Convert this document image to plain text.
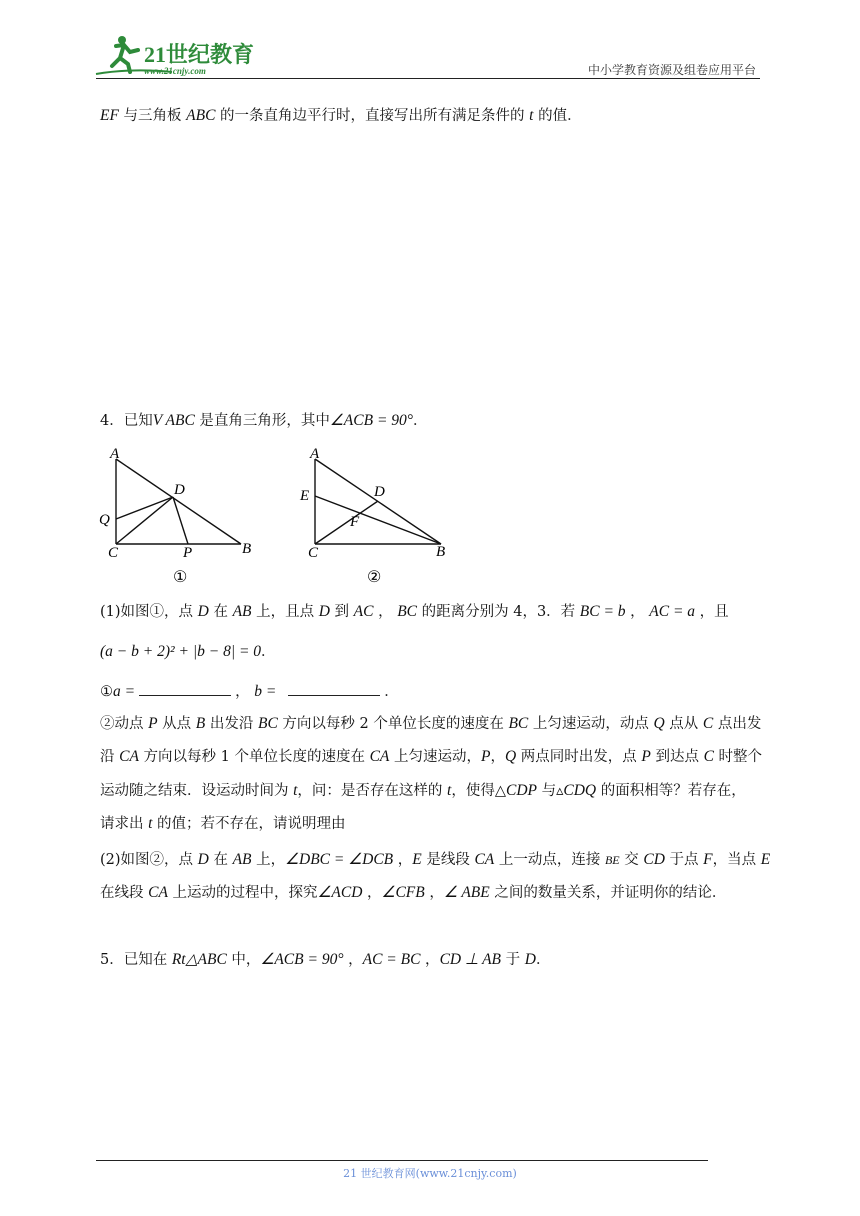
21世纪教育
www.21cnjy.com	中小学教育资源及组卷应用平台
EF 与三角板 ABC 的一条直角边平行时，直接写出所有满足条件的 t 的值．
4．已知V ABC 是直角三角形，其中∠ACB = 90°．
A
D
Q
C	P	B
①
A
E	D
F
C	B
②
(1)如图①，点 D 在 AB 上，且点 D 到 AC ， BC 的距离分别为 4，3．若 BC = b ， AC = a ，且
(a − b + 2)² + |b − 8| = 0．
①a =	， b =	．
②动点 P 从点 B 出发沿 BC 方向以每秒 2 个单位长度的速度在 BC 上匀速运动，动点 Q 点从 C 点出发
沿 CA 方向以每秒 1 个单位长度的速度在 CA 上匀速运动，P，Q 两点同时出发，点 P 到达点 C 时整个
运动随之结束．设运动时间为 t，问：是否存在这样的 t，使得△CDP 与▵CDQ 的面积相等？若存在，
请求出 t 的值；若不存在，请说明理由
(2)如图②，点 D 在 AB 上，∠DBC = ∠DCB ，E 是线段 CA 上一动点，连接 BE 交 CD 于点 F，当点 E
在线段 CA 上运动的过程中，探究∠ACD ，∠CFB ，∠ ABE 之间的数量关系，并证明你的结论．
5．已知在 Rt△ABC 中，∠ACB = 90° ，AC = BC ，CD ⊥ AB 于 D．
21 世纪教育网(www.21cnjy.com)
